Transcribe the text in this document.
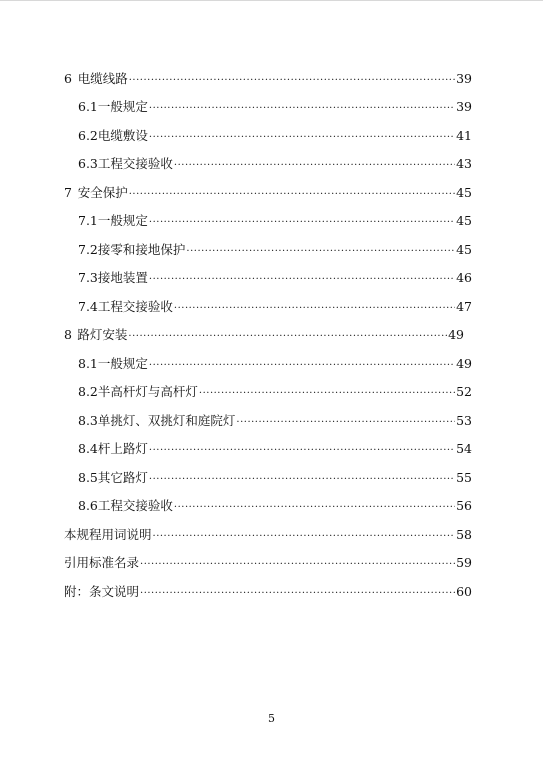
6 电缆线路 ·····	39
6.1 一般规定 ·····	39
6.2 电缆敷设 ·····	41
6.3 工程交接验收 ·····	43
7 安全保护 ·····	45
7.1 一般规定 ·····	45
7.2 接零和接地保护 ·····	45
7.3 接地装置 ·····	46
7.4 工程交接验收 ·····	47
8 路灯安装 ·····	49
8.1 一般规定 ·····	49
8.2 半高杆灯与高杆灯 ·····	52
8.3 单挑灯、双挑灯和庭院灯 ·····	53
8.4 杆上路灯 ·····	54
8.5 其它路灯 ·····	55
8.6 工程交接验收 ·····	56
本规程用词说明 ·····	58
引用标准名录 ·····	59
附：条文说明 ·····	60
5
